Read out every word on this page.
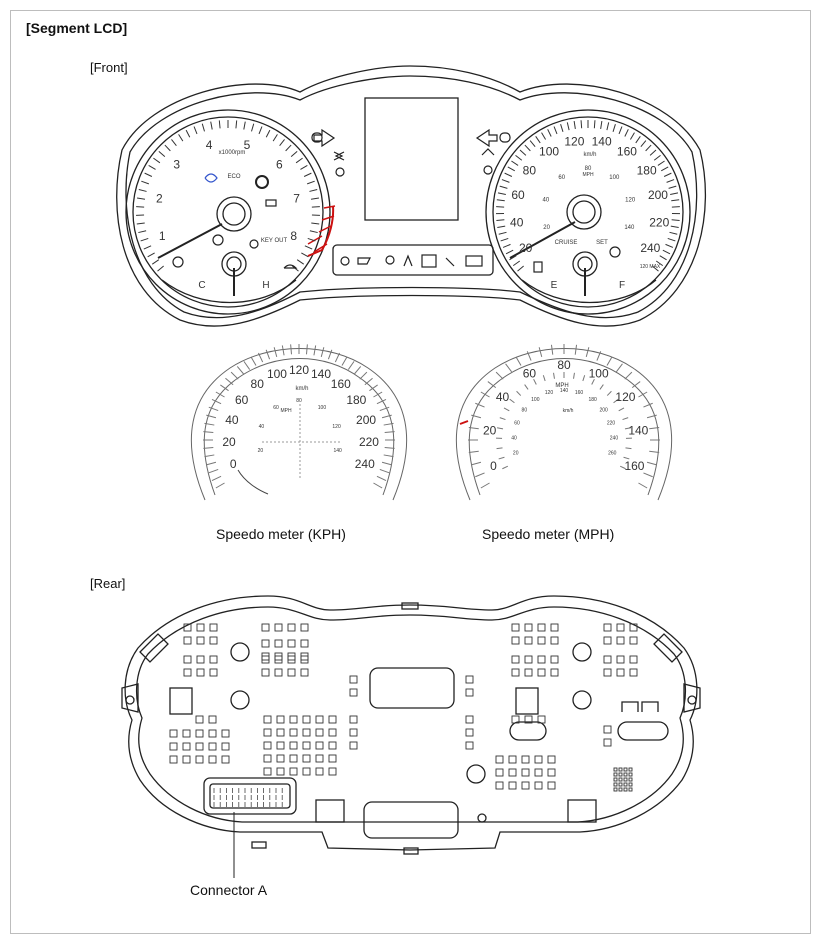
[Segment LCD]
[Front]
[Rear]
Speedo meter (KPH)	Speedo meter (MPH)
Connector A
1
2
3
4	5
6
7
8
x1000rpm
ECO
KEY OUT
20
40
60
80
100
120 140
160
180
200
220
240
20
40
60
80
100
120
140
km/h
MPH
120 MAX
CRUISE	SET
C	H	E	F
0
20
40
60
80
100 120 140
160
180
200
220
240
20
40
60
80
100
120
140
km/h
MPH
0
20
40
60
80
100
120
140
160
20
40
60
80
100
120 140 160
180
200
220
240
260
MPH
km/h
